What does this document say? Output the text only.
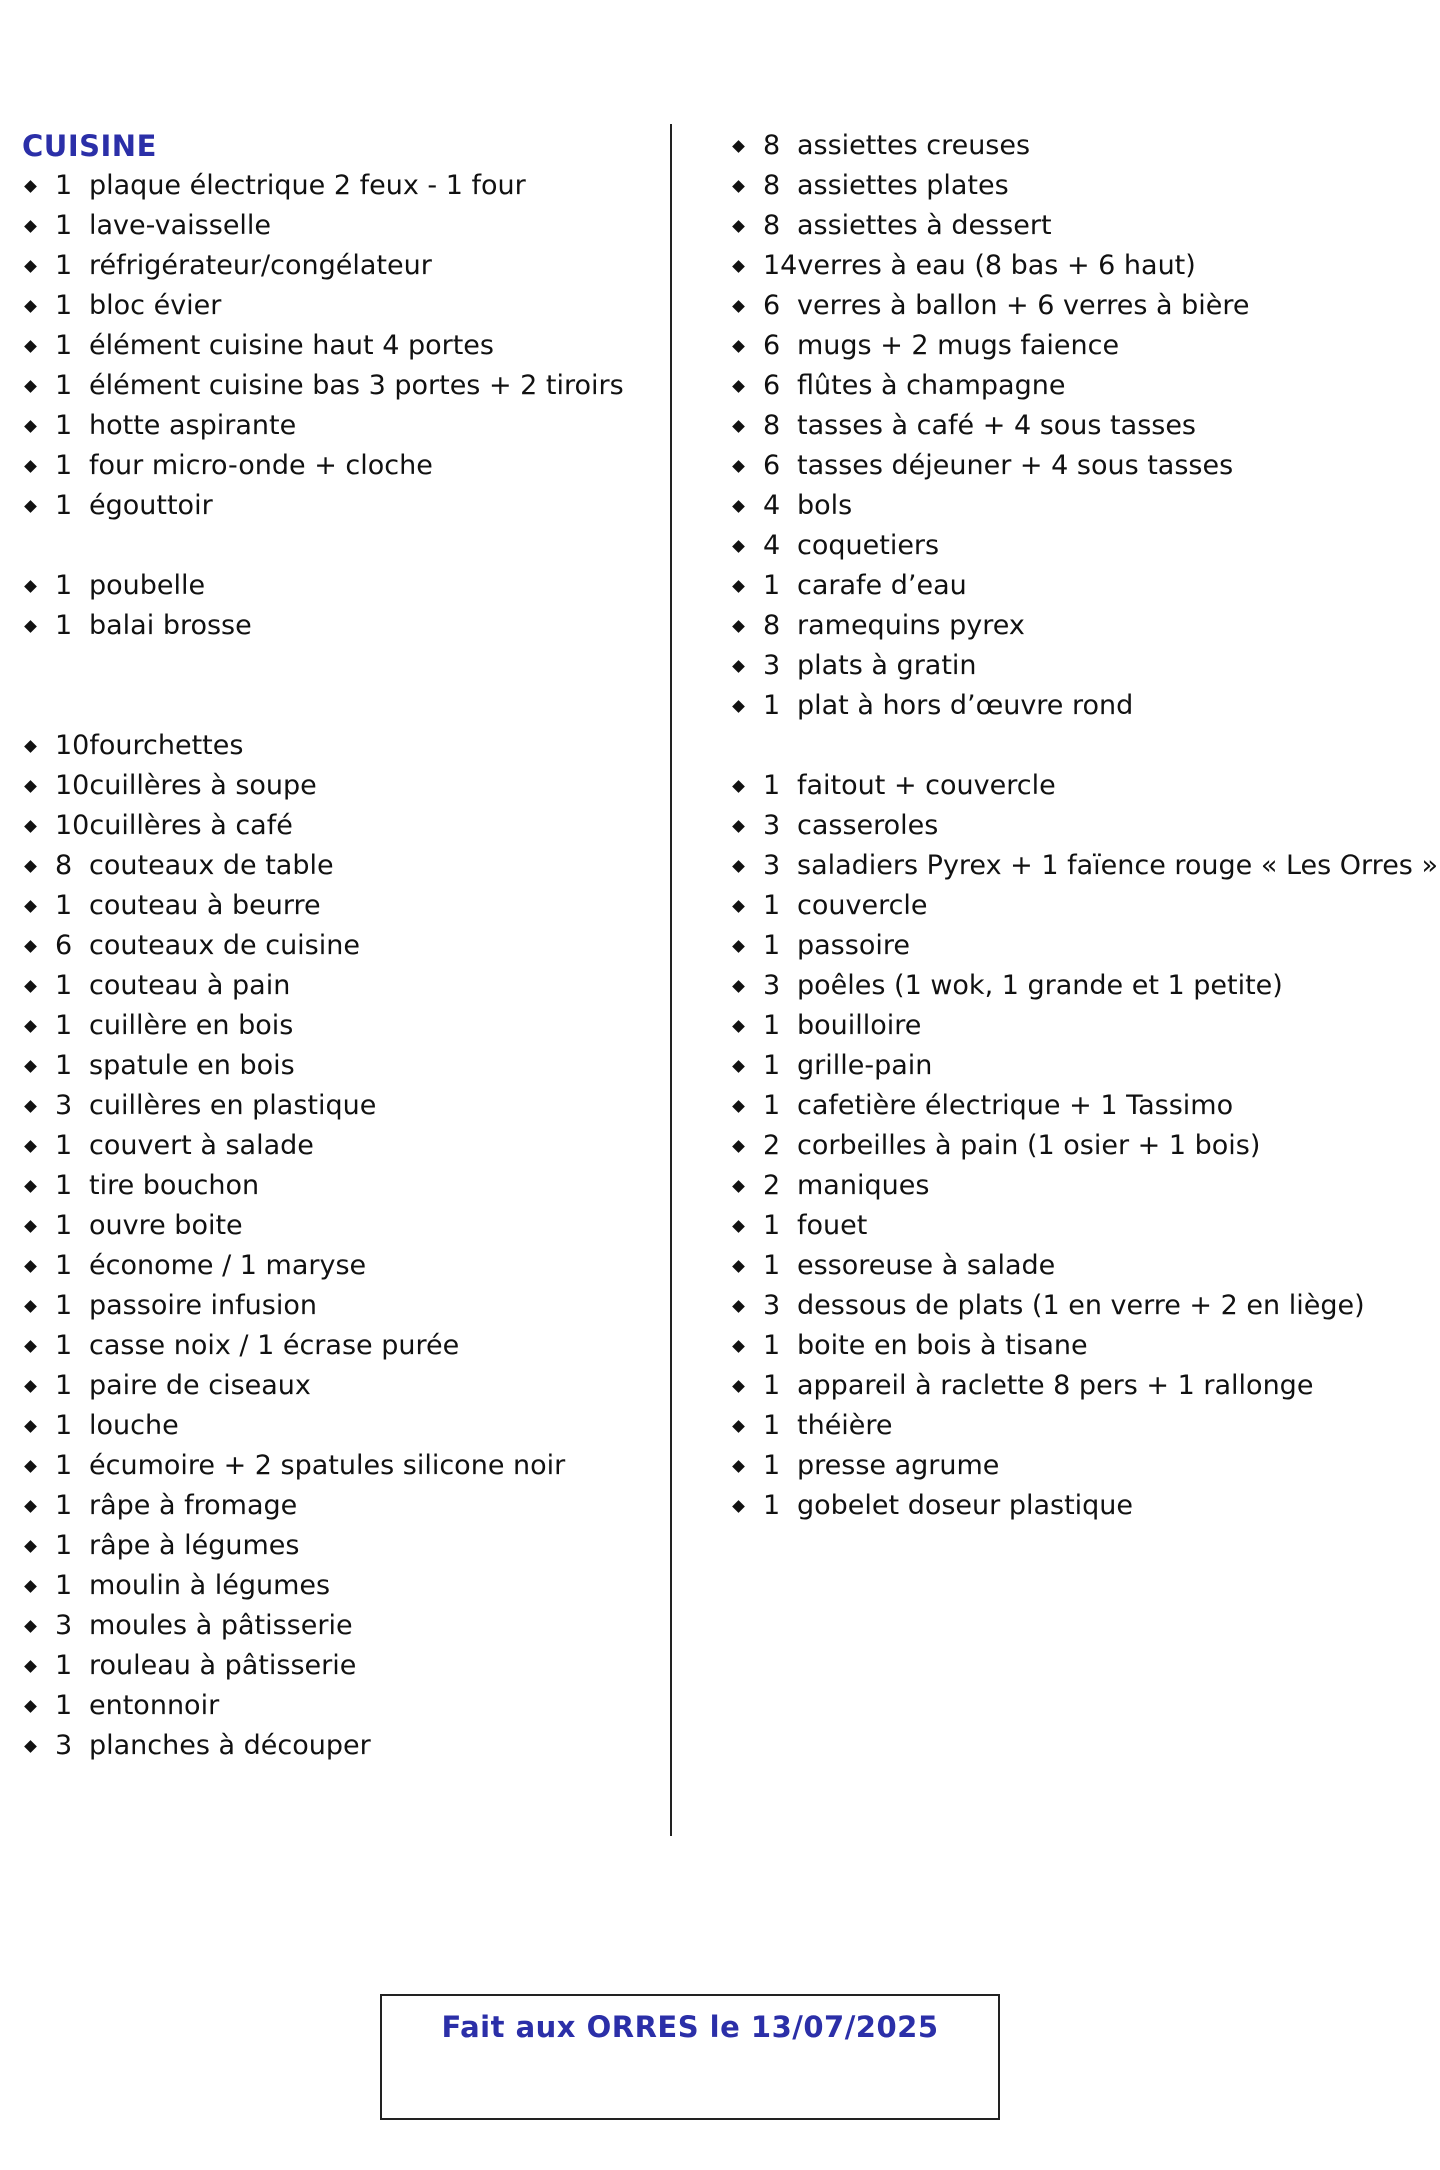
CUISINE
1 plaque électrique 2 feux - 1 four
1 lave-vaisselle
1 réfrigérateur/congélateur
1 bloc évier
1 élément cuisine haut 4 portes
1 élément cuisine bas 3 portes + 2 tiroirs
1 hotte aspirante
1 four micro-onde + cloche
1 égouttoir
1 poubelle
1 balai brosse
10 fourchettes
10 cuillères à soupe
10 cuillères à café
8 couteaux de table
1 couteau à beurre
6 couteaux de cuisine
1 couteau à pain
1 cuillère en bois
1 spatule en bois
3 cuillères en plastique
1 couvert à salade
1 tire bouchon
1 ouvre boite
1 économe / 1 maryse
1 passoire infusion
1 casse noix / 1 écrase purée
1 paire de ciseaux
1 louche
1 écumoire + 2 spatules silicone noir
1 râpe à fromage
1 râpe à légumes
1 moulin à légumes
3 moules à pâtisserie
1 rouleau à pâtisserie
1 entonnoir
3 planches à découper
8 assiettes creuses
8 assiettes plates
8 assiettes à dessert
14 verres à eau (8 bas + 6 haut)
6 verres à ballon + 6 verres à bière
6 mugs + 2 mugs faience
6 flûtes à champagne
8 tasses à café + 4 sous tasses
6 tasses déjeuner + 4 sous tasses
4 bols
4 coquetiers
1 carafe d’eau
8 ramequins pyrex
3 plats à gratin
1 plat à hors d’œuvre rond
1 faitout + couvercle
3 casseroles
3 saladiers Pyrex + 1 faïence rouge « Les Orres »
1 couvercle
1 passoire
3 poêles (1 wok, 1 grande et 1 petite)
1 bouilloire
1 grille-pain
1 cafetière électrique + 1 Tassimo
2 corbeilles à pain (1 osier + 1 bois)
2 maniques
1 fouet
1 essoreuse à salade
3 dessous de plats (1 en verre + 2 en liège)
1 boite en bois à tisane
1 appareil à raclette 8 pers + 1 rallonge
1 théière
1 presse agrume
1 gobelet doseur plastique
Fait aux ORRES le 13/07/2025
